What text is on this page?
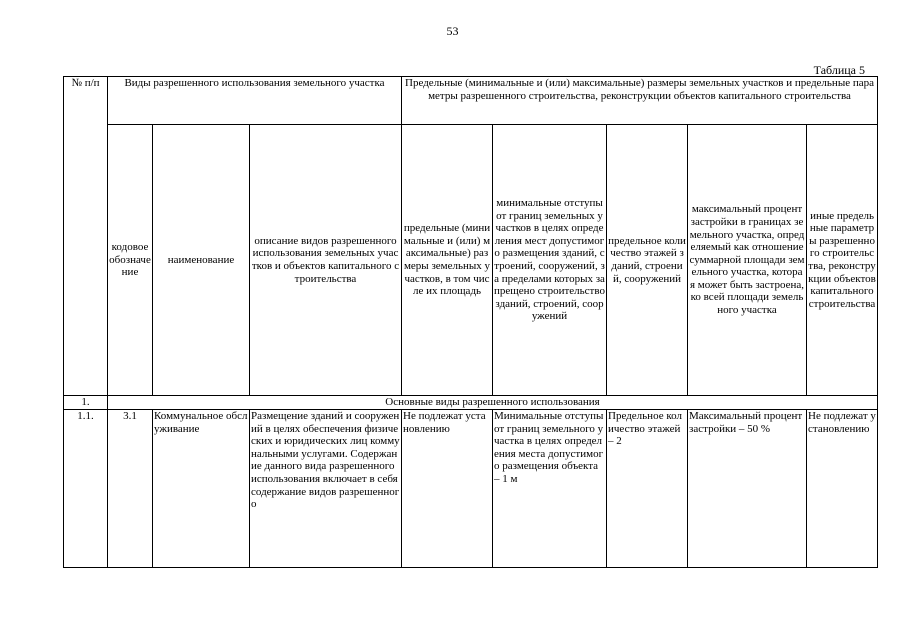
53
Таблица 5
№ п/п	Виды разрешенного использования земельного участка			Предельные (минимальные и (или) максимальные) размеры земельных участков и предельные параметры разрешенного строительства, реконструкции объектов капитального строительства				
	кодовое обозначение	наименование	описание видов разрешенного использования земельных участков и объектов капитального строительства	предельные (минимальные и (или) максимальные) размеры земельных участков, в том числе их площадь	минимальные отступы от границ земельных участков в целях определения мест допустимого размещения зданий, строений, сооружений, за пределами которых запрещено строительство зданий, строений, сооружений	предельное количество этажей зданий, строений, сооружений	максимальный процент застройки в границах земельного участка, определяемый как отношение суммарной площади земельного участка, которая может быть застроена, ко всей площади земельного участка	иные предельные параметры разрешенного строительства, реконструкции объектов капитального строительства
1.	Основные виды разрешенного использования							
1.1.	3.1	Коммунальное обслуживание	Размещение зданий и сооружений в целях обеспечения физических и юридических лиц коммунальными услугами. Содержание данного вида разрешенного использования включает в себя содержание видов разрешенного	Не подлежат установлению	Минимальные отступы от границ земельного участка в целях определения места допустимого размещения объекта – 1 м	Предельное количество этажей – 2	Максимальный процент застройки – 50 %	Не подлежат установлению
